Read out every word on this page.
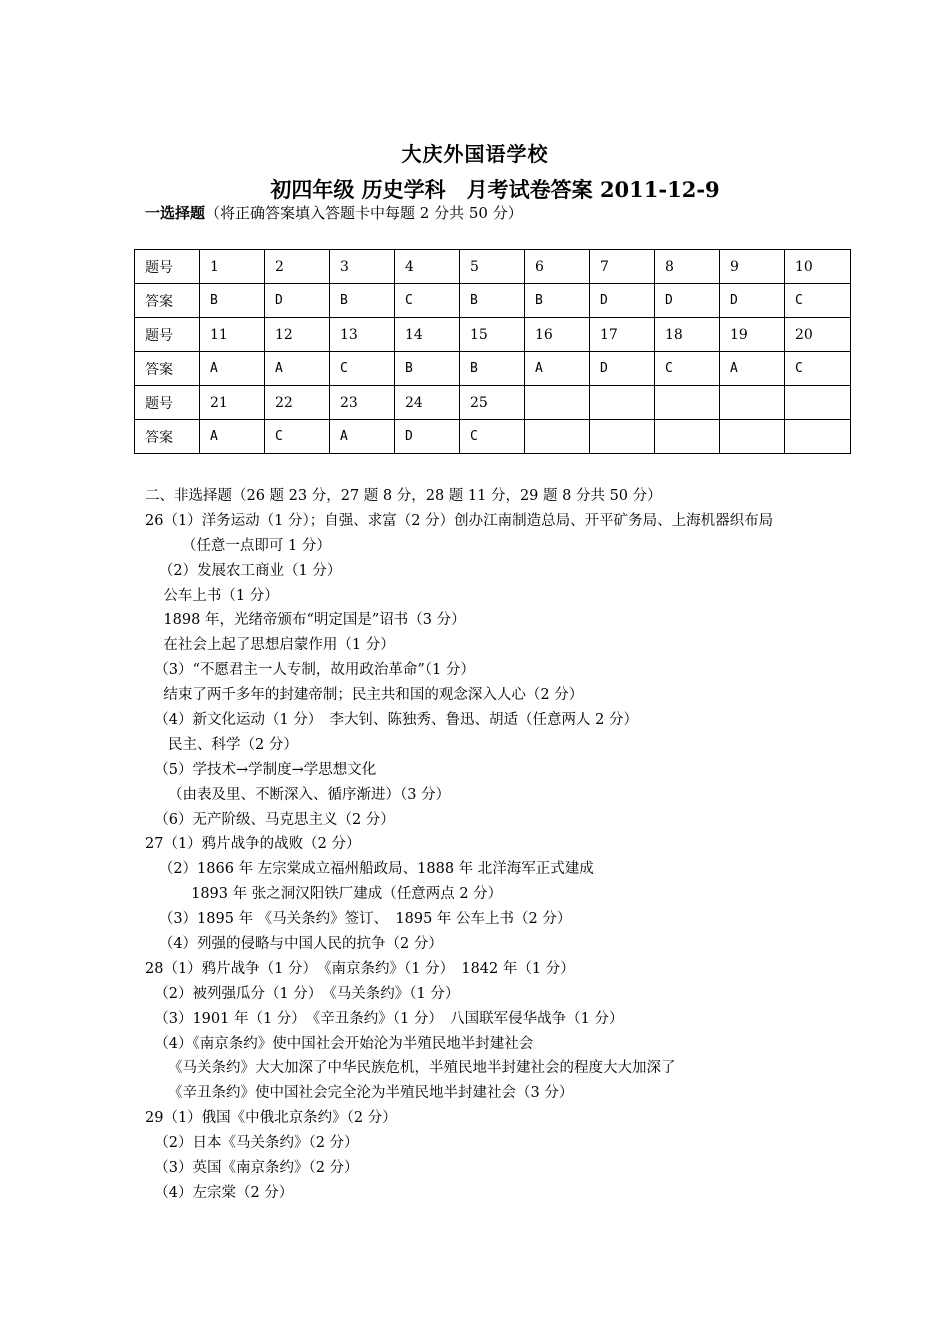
大庆外国语学校
初四年级 历史学科　月考试卷答案 2011-12-9
一选择题（将正确答案填入答题卡中每题 2 分共 50 分）
题号	1	2	3	4	5	6	7	8	9	10
答案	B	D	B	C	B	B	D	D	D	C
题号	11	12	13	14	15	16	17	18	19	20
答案	A	A	C	B	B	A	D	C	A	C
题号	21	22	23	24	25					
答案	A	C	A	D	C					
二、非选择题（26 题 23 分，27 题 8 分，28 题 11 分，29 题 8 分共 50 分）
26（1）洋务运动（1 分）；自强、求富（2 分）创办江南制造总局、开平矿务局、上海机器织布局
（任意一点即可 1 分）
（2）发展农工商业（1 分）
公车上书（1 分）
1898 年，光绪帝颁布“明定国是”诏书（3 分）
在社会上起了思想启蒙作用（1 分）
（3）“不愿君主一人专制，故用政治革命”（1 分）
结束了两千多年的封建帝制；民主共和国的观念深入人心（2 分）
（4）新文化运动（1 分）　李大钊、陈独秀、鲁迅、胡适（任意两人 2 分）
民主、科学（2 分）
（5）学技术→学制度→学思想文化
（由表及里、不断深入、循序渐进）（3 分）
（6）无产阶级、马克思主义（2 分）
27（1）鸦片战争的战败（2 分）
（2）1866 年 左宗棠成立福州船政局、1888 年 北洋海军正式建成
1893 年 张之洞汉阳铁厂建成（任意两点 2 分）
（3）1895 年 《马关条约》签订、　1895 年 公车上书（2 分）
（4）列强的侵略与中国人民的抗争（2 分）
28（1）鸦片战争（1 分）　《南京条约》（1 分）　1842 年（1 分）
（2）被列强瓜分（1 分）　《马关条约》（1 分）
（3）1901 年（1 分）　《辛丑条约》（1 分）　八国联军侵华战争（1 分）
（4）《南京条约》使中国社会开始沦为半殖民地半封建社会
《马关条约》大大加深了中华民族危机，半殖民地半封建社会的程度大大加深了
《辛丑条约》使中国社会完全沦为半殖民地半封建社会（3 分）
29（1）俄国《中俄北京条约》（2 分）
（2）日本《马关条约》（2 分）
（3）英国《南京条约》（2 分）
（4）左宗棠（2 分）
